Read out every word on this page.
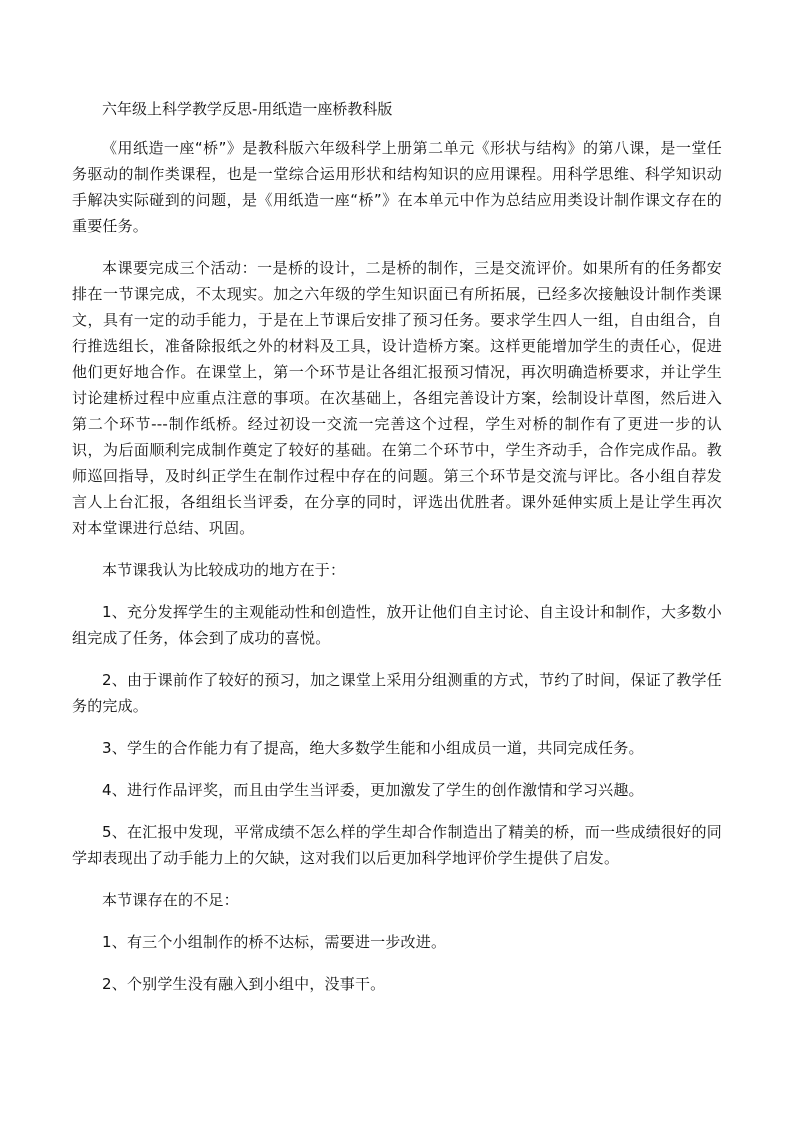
六年级上科学教学反思-用纸造一座桥教科版

《用纸造一座“桥”》是教科版六年级科学上册第二单元《形状与结构》的第八课，是一堂任务驱动的制作类课程，也是一堂综合运用形状和结构知识的应用课程。用科学思维、科学知识动手解决实际碰到的问题，是《用纸造一座“桥”》在本单元中作为总结应用类设计制作课文存在的重要任务。

本课要完成三个活动：一是桥的设计，二是桥的制作，三是交流评价。如果所有的任务都安排在一节课完成，不太现实。加之六年级的学生知识面已有所拓展，已经多次接触设计制作类课文，具有一定的动手能力，于是在上节课后安排了预习任务。要求学生四人一组，自由组合，自行推选组长，准备除报纸之外的材料及工具，设计造桥方案。这样更能增加学生的责任心，促进他们更好地合作。在课堂上，第一个环节是让各组汇报预习情况，再次明确造桥要求，并让学生讨论建桥过程中应重点注意的事项。在次基础上，各组完善设计方案，绘制设计草图，然后进入第二个环节---制作纸桥。经过初设一交流一完善这个过程，学生对桥的制作有了更进一步的认识，为后面顺利完成制作奠定了较好的基础。在第二个环节中，学生齐动手，合作完成作品。教师巡回指导，及时纠正学生在制作过程中存在的问题。第三个环节是交流与评比。各小组自荐发言人上台汇报，各组组长当评委，在分享的同时，评选出优胜者。课外延伸实质上是让学生再次对本堂课进行总结、巩固。

本节课我认为比较成功的地方在于：

1、充分发挥学生的主观能动性和创造性，放开让他们自主讨论、自主设计和制作，大多数小组完成了任务，体会到了成功的喜悦。

2、由于课前作了较好的预习，加之课堂上采用分组测重的方式，节约了时间，保证了教学任务的完成。

3、学生的合作能力有了提高，绝大多数学生能和小组成员一道，共同完成任务。

4、进行作品评奖，而且由学生当评委，更加激发了学生的创作激情和学习兴趣。

5、在汇报中发现，平常成绩不怎么样的学生却合作制造出了精美的桥，而一些成绩很好的同学却表现出了动手能力上的欠缺，这对我们以后更加科学地评价学生提供了启发。

本节课存在的不足：

1、有三个小组制作的桥不达标，需要进一步改进。

2、个别学生没有融入到小组中，没事干。
